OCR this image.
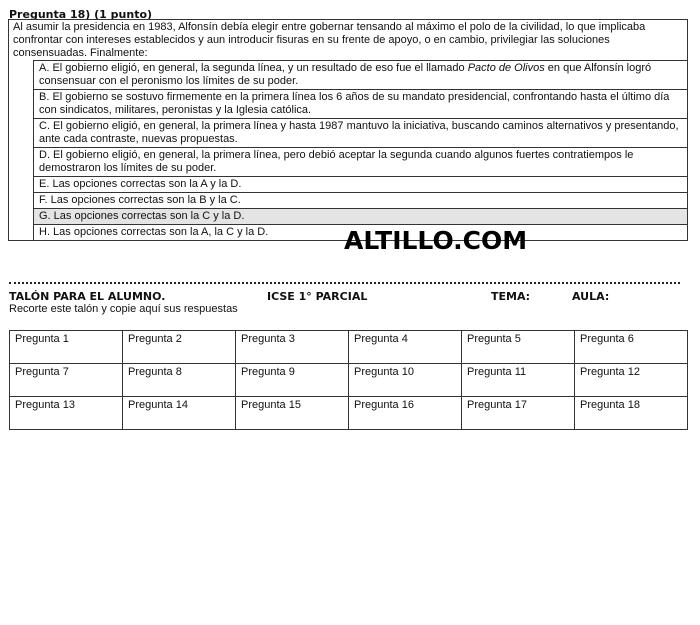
Pregunta 18) (1 punto)
Al asumir la presidencia en 1983, Alfonsín debía elegir entre gobernar tensando al máximo el polo de la civilidad, lo que implicaba confrontar con intereses establecidos y aun introducir fisuras en su frente de apoyo, o en cambio, privilegiar las soluciones consensuadas. Finalmente:
A. El gobierno eligió, en general, la segunda línea, y un resultado de eso fue el llamado Pacto de Olivos en que Alfonsín logró consensuar con el peronismo los límites de su poder.
B. El gobierno se sostuvo firmemente en la primera línea los 6 años de su mandato presidencial, confrontando hasta el último día con sindicatos, militares, peronistas y la Iglesia católica.
C. El gobierno eligió, en general, la primera línea y hasta 1987 mantuvo la iniciativa, buscando caminos alternativos y presentando, ante cada contraste, nuevas propuestas.
D. El gobierno eligió, en general, la primera línea, pero debió aceptar la segunda cuando algunos fuertes contratiempos le demostraron los límites de su poder.
E. Las opciones correctas son la A y la D.
F. Las opciones correctas son la B y la C.
G. Las opciones correctas son la C y la D.
H. Las opciones correctas son la A, la C y la D.	ALTILLO.COM
TALÓN PARA EL ALUMNO.	ICSE 1° PARCIAL	TEMA:	AULA:
Recorte este talón y copie aquí sus respuestas
Pregunta 1	Pregunta 2	Pregunta 3	Pregunta 4	Pregunta 5	Pregunta 6
Pregunta 7	Pregunta 8	Pregunta 9	Pregunta 10	Pregunta 11	Pregunta 12
Pregunta 13	Pregunta 14	Pregunta 15	Pregunta 16	Pregunta 17	Pregunta 18
